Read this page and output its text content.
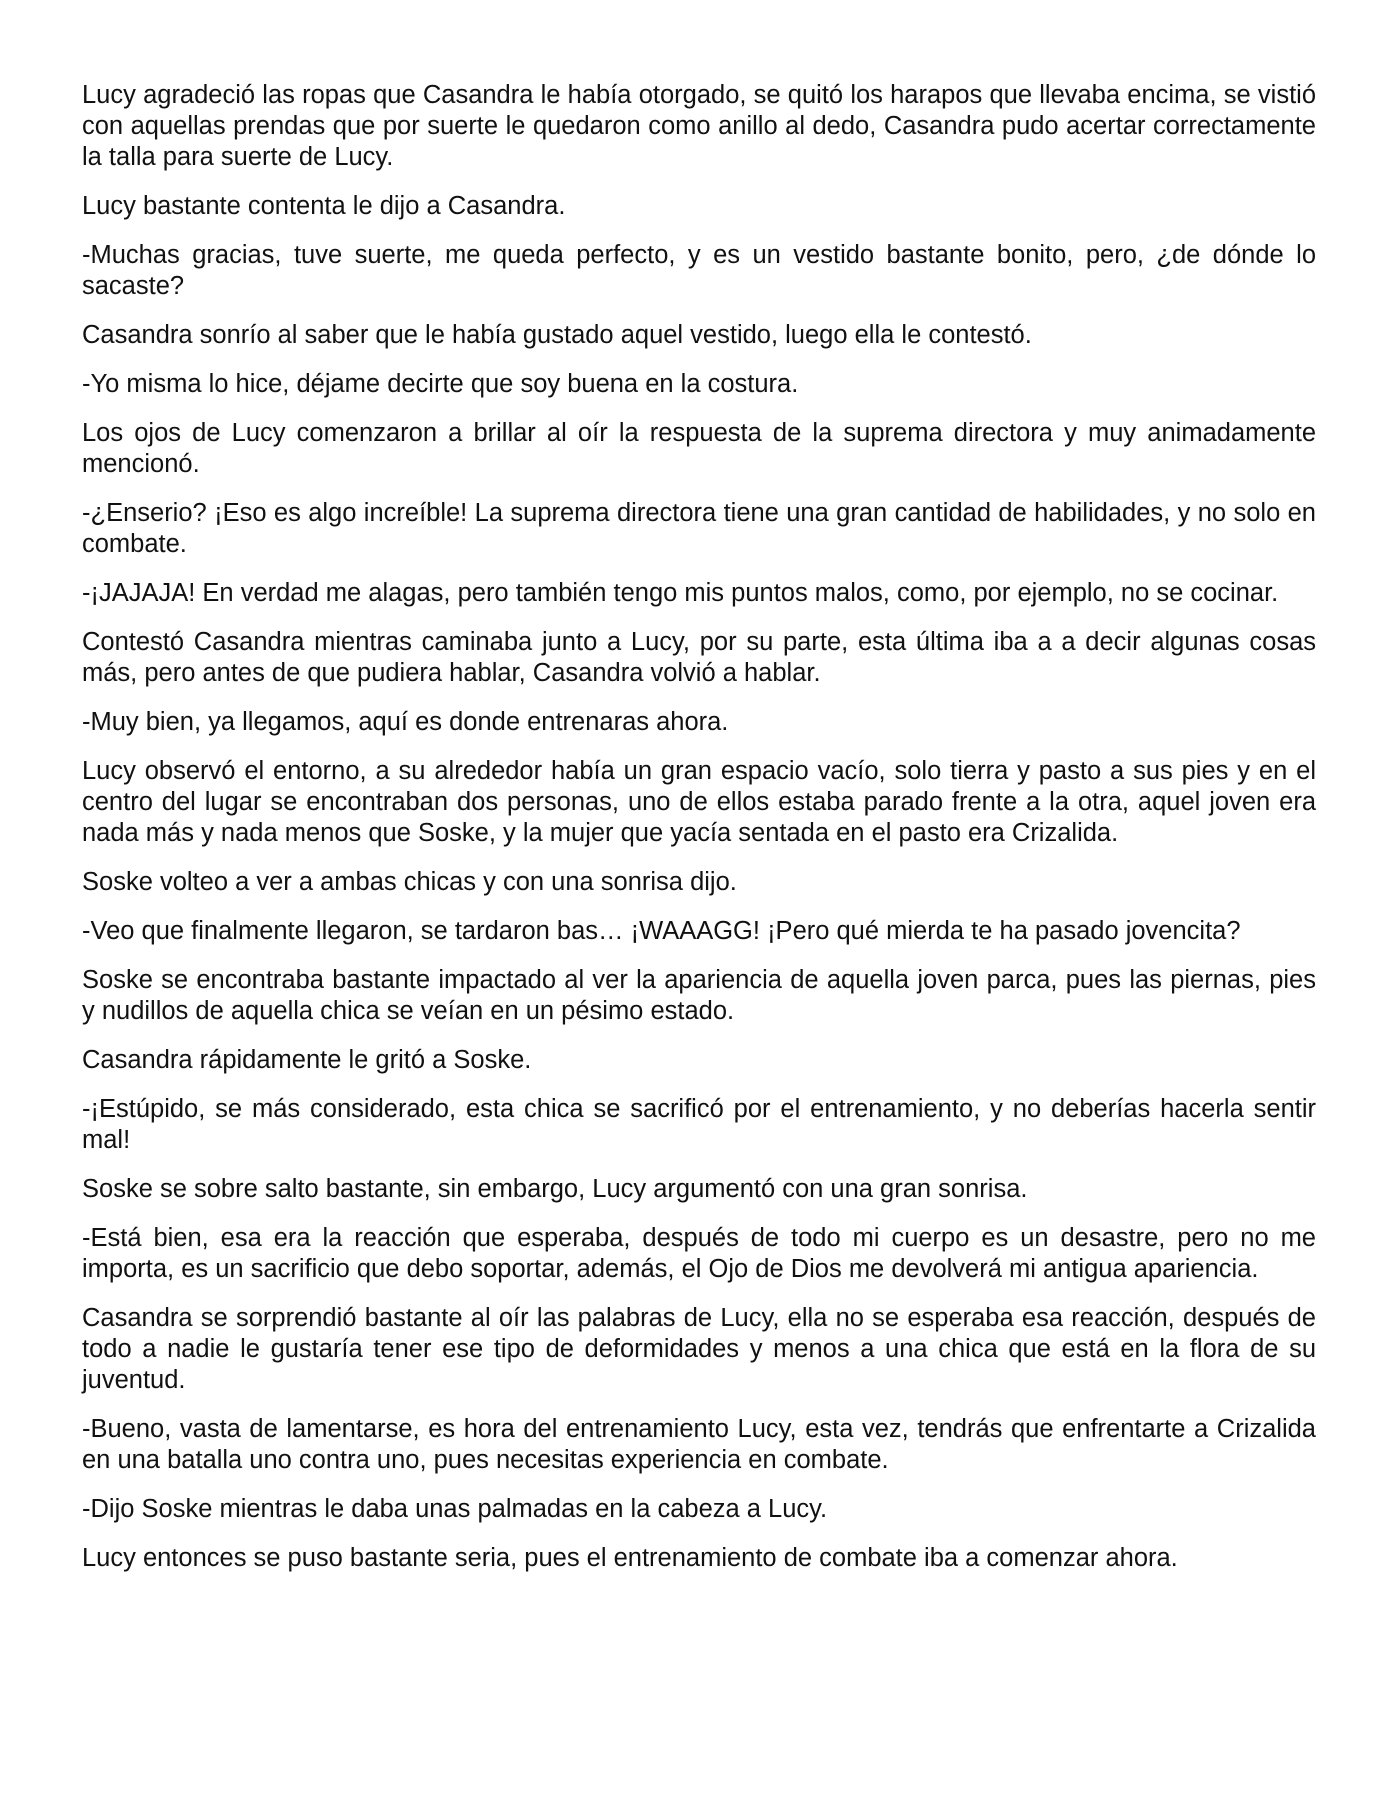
Lucy agradeció las ropas que Casandra le había otorgado, se quitó los harapos que llevaba encima, se vistió con aquellas prendas que por suerte le quedaron como anillo al dedo, Casandra pudo acertar correctamente la talla para suerte de Lucy.

Lucy bastante contenta le dijo a Casandra.

-Muchas gracias, tuve suerte, me queda perfecto, y es un vestido bastante bonito, pero, ¿de dónde lo sacaste?

Casandra sonrío al saber que le había gustado aquel vestido, luego ella le contestó.

-Yo misma lo hice, déjame decirte que soy buena en la costura.

Los ojos de Lucy comenzaron a brillar al oír la respuesta de la suprema directora y muy animadamente mencionó.

-¿Enserio? ¡Eso es algo increíble! La suprema directora tiene una gran cantidad de habilidades, y no solo en combate.

-¡JAJAJA! En verdad me alagas, pero también tengo mis puntos malos, como, por ejemplo, no se cocinar.

Contestó Casandra mientras caminaba junto a Lucy, por su parte, esta última iba a a decir algunas cosas más, pero antes de que pudiera hablar, Casandra volvió a hablar.

-Muy bien, ya llegamos, aquí es donde entrenaras ahora.

Lucy observó el entorno, a su alrededor había un gran espacio vacío, solo tierra y pasto a sus pies y en el centro del lugar se encontraban dos personas, uno de ellos estaba parado frente a la otra, aquel joven era nada más y nada menos que Soske, y la mujer que yacía sentada en el pasto era Crizalida.

Soske volteo a ver a ambas chicas y con una sonrisa dijo.

-Veo que finalmente llegaron, se tardaron bas… ¡WAAAGG! ¡Pero qué mierda te ha pasado jovencita?

Soske se encontraba bastante impactado al ver la apariencia de aquella joven parca, pues las piernas, pies y nudillos de aquella chica se veían en un pésimo estado.

Casandra rápidamente le gritó a Soske.

-¡Estúpido, se más considerado, esta chica se sacrificó por el entrenamiento, y no deberías hacerla sentir mal!

Soske se sobre salto bastante, sin embargo, Lucy argumentó con una gran sonrisa.

-Está bien, esa era la reacción que esperaba, después de todo mi cuerpo es un desastre, pero no me importa, es un sacrificio que debo soportar, además, el Ojo de Dios me devolverá mi antigua apariencia.

Casandra se sorprendió bastante al oír las palabras de Lucy, ella no se esperaba esa reacción, después de todo a nadie le gustaría tener ese tipo de deformidades y menos a una chica que está en la flora de su juventud.

-Bueno, vasta de lamentarse, es hora del entrenamiento Lucy, esta vez, tendrás que enfrentarte a Crizalida en una batalla uno contra uno, pues necesitas experiencia en combate.

-Dijo Soske mientras le daba unas palmadas en la cabeza a Lucy.

Lucy entonces se puso bastante seria, pues el entrenamiento de combate iba a comenzar ahora.
